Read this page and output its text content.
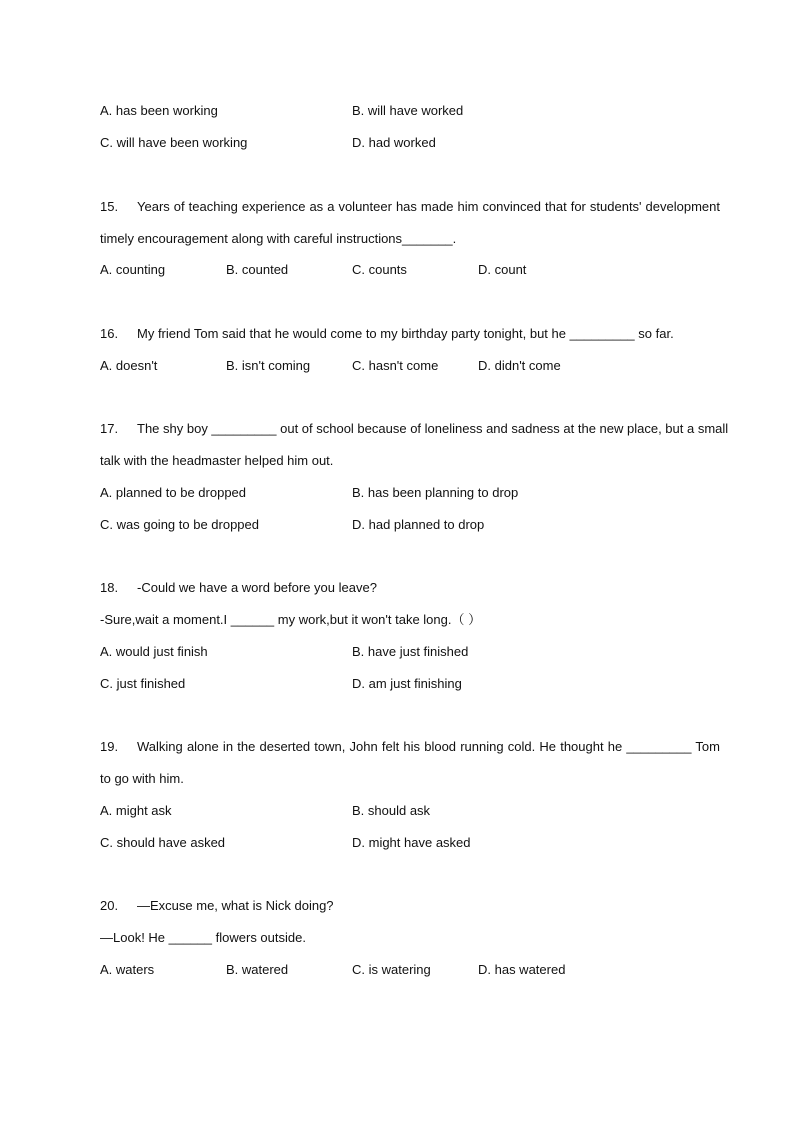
A. has been working	B. will have worked
C. will have been working	D. had worked
15. Years of teaching experience as a volunteer has made him convinced that for students' development
timely encouragement along with careful instructions_______.
A. counting	B. counted	C. counts	D. count
16. My friend Tom said that he would come to my birthday party tonight, but he _________ so far.
A. doesn't	B. isn't coming	C. hasn't come	D. didn't come
17. The shy boy _________ out of school because of loneliness and sadness at the new place, but a small
talk with the headmaster helped him out.
A. planned to be dropped	B. has been planning to drop
C. was going to be dropped	D. had planned to drop
18. -Could we have a word before you leave?
-Sure,wait a moment.I ______ my work,but it won't take long.（ ）
A. would just finish	B. have just finished
C. just finished	D. am just finishing
19. Walking alone in the deserted town, John felt his blood running cold. He thought he _________ Tom
to go with him.
A. might ask	B. should ask
C. should have asked	D. might have asked
20. —Excuse me, what is Nick doing?
—Look! He ______ flowers outside.
A. waters	B. watered	C. is watering	D. has watered
